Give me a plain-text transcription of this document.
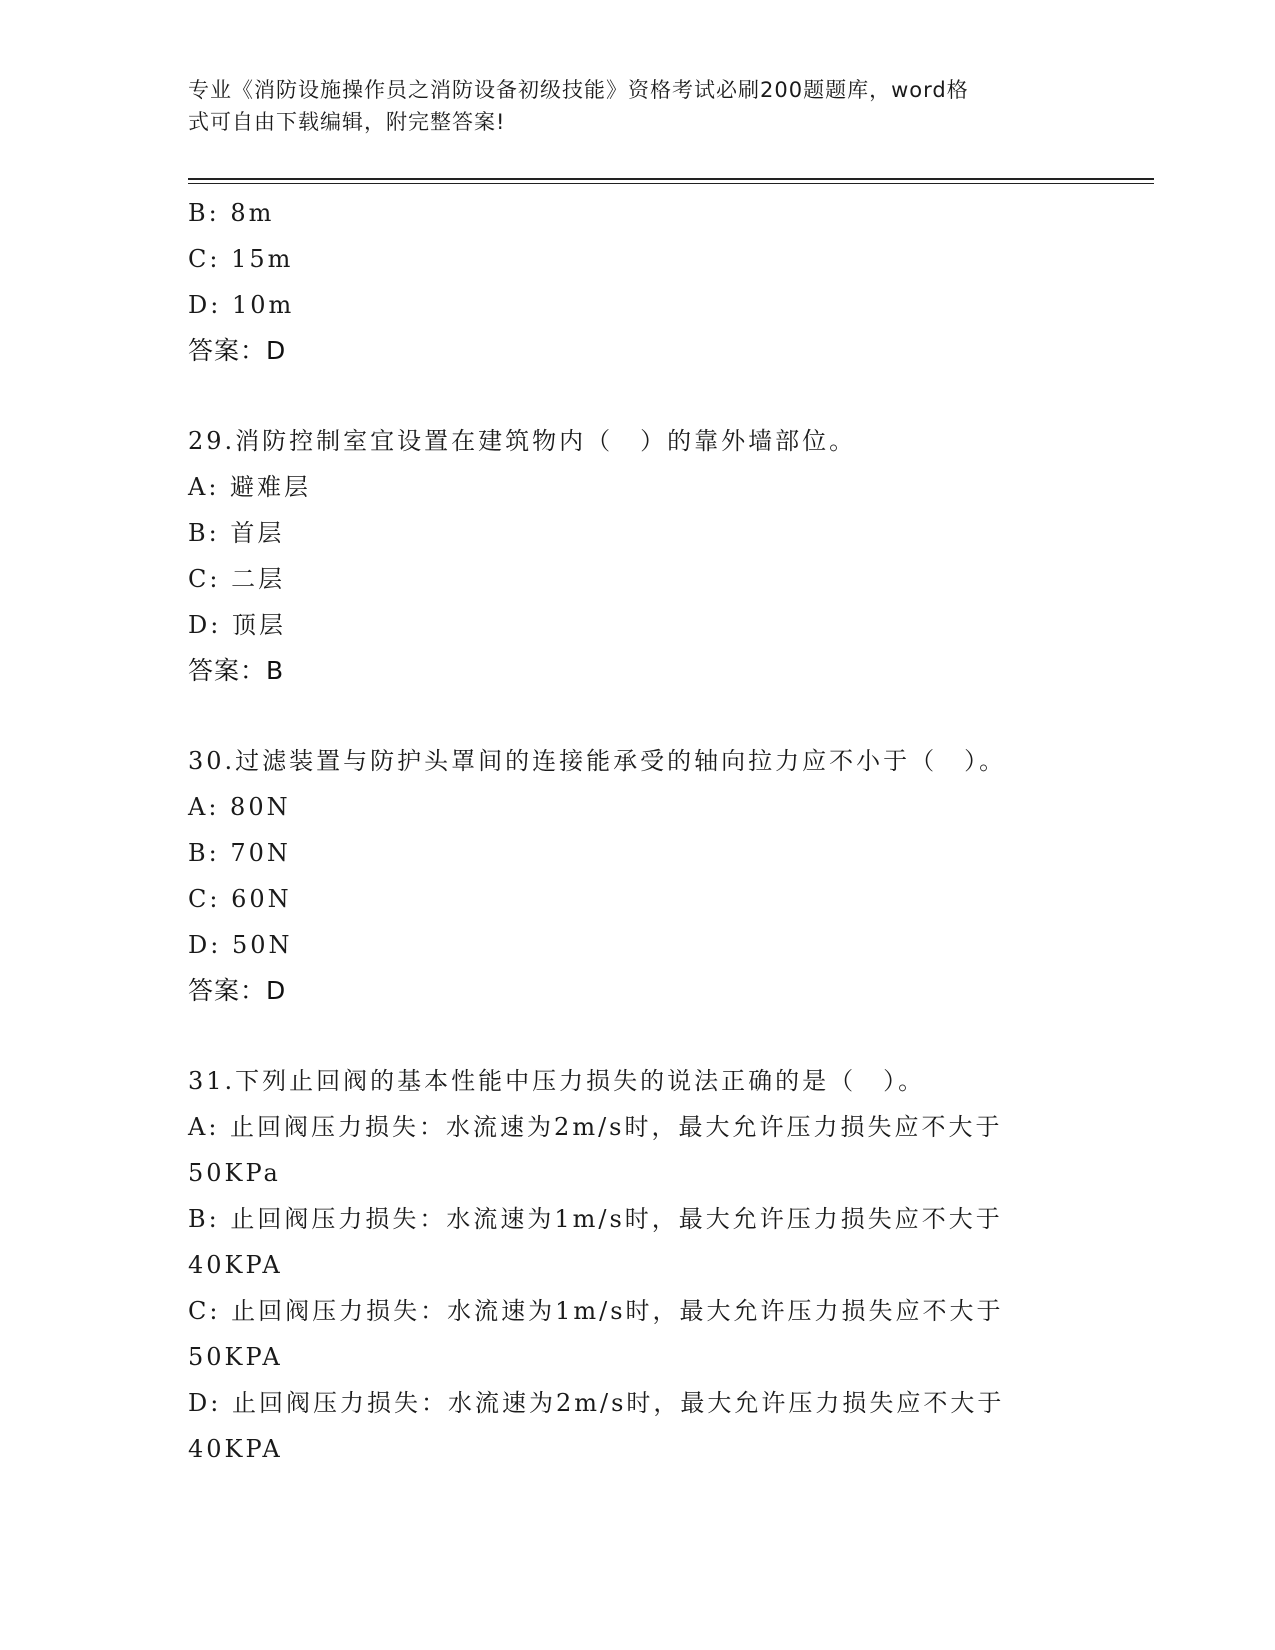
专业《消防设施操作员之消防设备初级技能》资格考试必刷200题题库，word格
式可自由下载编辑，附完整答案!
B: 8m
C: 15m
D: 10m
答案：D
29.消防控制室宜设置在建筑物内（　）的靠外墙部位。
A: 避难层
B: 首层
C: 二层
D: 顶层
答案：B
30.过滤装置与防护头罩间的连接能承受的轴向拉力应不小于（　）。
A: 80N
B: 70N
C: 60N
D: 50N
答案：D
31.下列止回阀的基本性能中压力损失的说法正确的是（　）。
A: 止回阀压力损失：水流速为2m/s时，最大允许压力损失应不大于
50KPa
B: 止回阀压力损失：水流速为1m/s时，最大允许压力损失应不大于
40KPA
C: 止回阀压力损失：水流速为1m/s时，最大允许压力损失应不大于
50KPA
D: 止回阀压力损失：水流速为2m/s时，最大允许压力损失应不大于
40KPA
